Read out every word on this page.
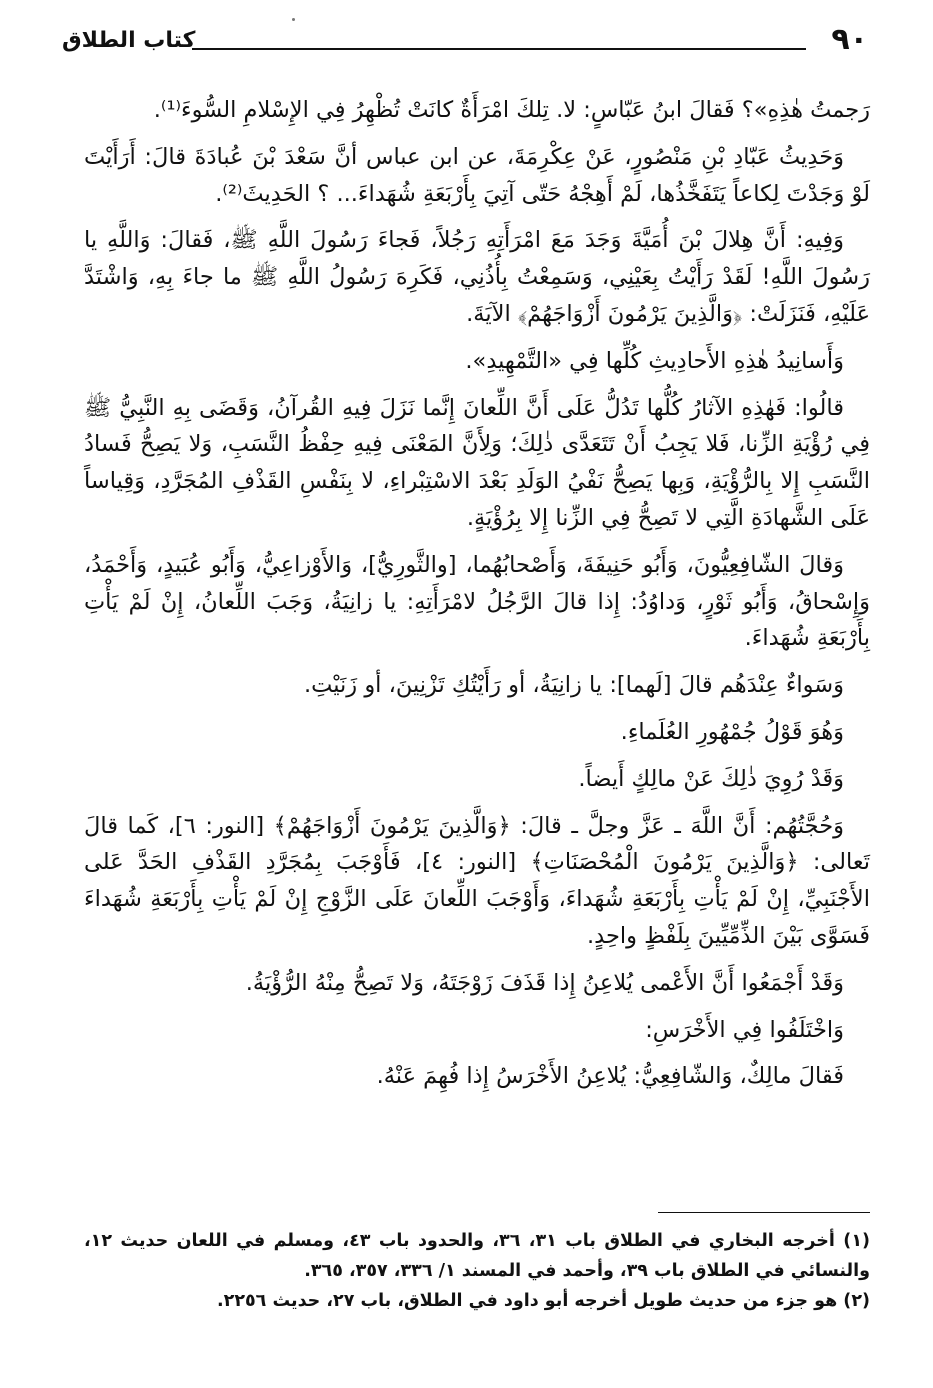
٩٠
كتاب الطلاق

رَجمتُ هٰذِهِ»؟ فَقالَ ابنُ عَبّاسٍ: لا. تِلكَ امْرَأَةٌ كانَتْ تُظْهِرُ فِي الإِسْلامِ السُّوءَ⁽¹⁾.

وَحَدِيثُ عَبّادِ بْنِ مَنْصُورٍ، عَنْ عِكْرِمَةَ، عن ابن عباس أنَّ سَعْدَ بْنَ عُبادَةَ قالَ: أَرَأَيْتَ لَوْ وَجَدْتَ لِكاعاً يَتَفَخَّذُها، لَمْ أَهِجْهُ حَتّى آتِيَ بِأَرْبَعَةِ شُهَداءَ... ؟ الحَدِيثَ⁽²⁾.

وَفِيهِ: أَنَّ هِلالَ بْنَ أُمَيَّةَ وَجَدَ مَعَ امْرَأَتِهِ رَجُلاً، فَجاءَ رَسُولَ اللَّهِ ﷺ، فَقالَ: وَاللَّهِ يا رَسُولَ اللَّهِ! لَقَدْ رَأَيْتُ بِعَيْنِي، وَسَمِعْتُ بِأُذُنِي، فَكَرِهَ رَسُولُ اللَّهِ ﷺ ما جاءَ بِهِ، وَاشْتَدَّ عَلَيْهِ، فَنَزَلَتْ: ﴿وَالَّذِينَ يَرْمُونَ أَزْوَاجَهُمْ﴾ الآيَةَ.

وَأَسانِيدُ هٰذِهِ الأَحادِيثِ كُلِّها فِي «التَّمْهِيدِ».

قالُوا: فَهٰذِهِ الآثارُ كُلُّها تَدُلُّ عَلَى أَنَّ اللِّعانَ إِنَّما نَزَلَ فِيهِ القُرآنُ، وَقَضَى بِهِ النَّبِيُّ ﷺ فِي رُؤْيَةِ الزِّنا، فَلا يَجِبُ أَنْ تَتَعَدَّى ذٰلِكَ؛ وَلِأَنَّ المَعْنَى فِيهِ حِفْظُ النَّسَبِ، وَلا يَصِحُّ فَسادُ النَّسَبِ إِلا بِالرُّؤْيَةِ، وَبِها يَصِحُّ نَفْيُ الوَلَدِ بَعْدَ الاسْتِبْراءِ، لا بِنَفْسِ القَذْفِ المُجَرَّدِ، وَقِياساً عَلَى الشَّهادَةِ الَّتِي لا تَصِحُّ فِي الزِّنا إِلا بِرُؤْيَةٍ.

وَقالَ الشّافِعِيُّونَ، وَأَبُو حَنِيفَةَ، وَأَصْحابُهُما، [والثَّورِيُّ]، وَالأَوْزاعِيُّ، وَأَبُو عُبَيدٍ، وَأَحْمَدُ، وَإِسْحاقُ، وَأَبُو ثَوْرٍ، وَداوُدُ: إِذا قالَ الرَّجُلُ لامْرَأَتِهِ: يا زانِيَةُ، وَجَبَ اللِّعانُ، إِنْ لَمْ يَأْتِ بِأَرْبَعَةِ شُهَداءَ.

وَسَواءٌ عِنْدَهُم قالَ [لَهما]: يا زانِيَةُ، أو رَأَيْتُكِ تَزْنِينَ، أو زَنَيْتِ.

وَهُوَ قَوْلُ جُمْهُورِ العُلَماءِ.

وَقَدْ رُوِيَ ذٰلِكَ عَنْ مالِكٍ أَيضاً.

وَحُجَّتُهُم: أَنَّ اللَّهَ ـ عَزَّ وجلَّ ـ قالَ: ﴿وَالَّذِينَ يَرْمُونَ أَزْوَاجَهُمْ﴾ [النور: ٦]، كَما قالَ تَعالى: ﴿وَالَّذِينَ يَرْمُونَ الْمُحْصَنَاتِ﴾ [النور: ٤]، فَأَوْجَبَ بِمُجَرَّدِ القَذْفِ الحَدَّ عَلى الأَجْنَبِيِّ، إِنْ لَمْ يَأْتِ بِأَرْبَعَةِ شُهَداءَ، وَأَوْجَبَ اللِّعانَ عَلَى الزَّوْجِ إِنْ لَمْ يَأْتِ بِأَرْبَعَةِ شُهَداءَ فَسَوَّى بَيْنَ الذِّمِّيِّينَ بِلَفْظٍ واحِدٍ.

وَقَدْ أَجْمَعُوا أَنَّ الأَعْمى يُلاعِنُ إِذا قَذَفَ زَوْجَتَهُ، وَلا تَصِحُّ مِنْهُ الرُّؤْيَةُ.

وَاخْتَلَفُوا فِي الأَخْرَسِ:

فَقالَ مالِكٌ، وَالشّافِعِيُّ: يُلاعِنُ الأَخْرَسُ إِذا فُهِمَ عَنْهُ.

(١) أخرجه البخاري في الطلاق باب ٣١، ٣٦، والحدود باب ٤٣، ومسلم في اللعان حديث ١٢، والنسائي في الطلاق باب ٣٩، وأحمد في المسند ١/ ٣٣٦، ٣٥٧، ٣٦٥.

(٢) هو جزء من حديث طويل أخرجه أبو داود في الطلاق، باب ٢٧، حديث ٢٢٥٦.
